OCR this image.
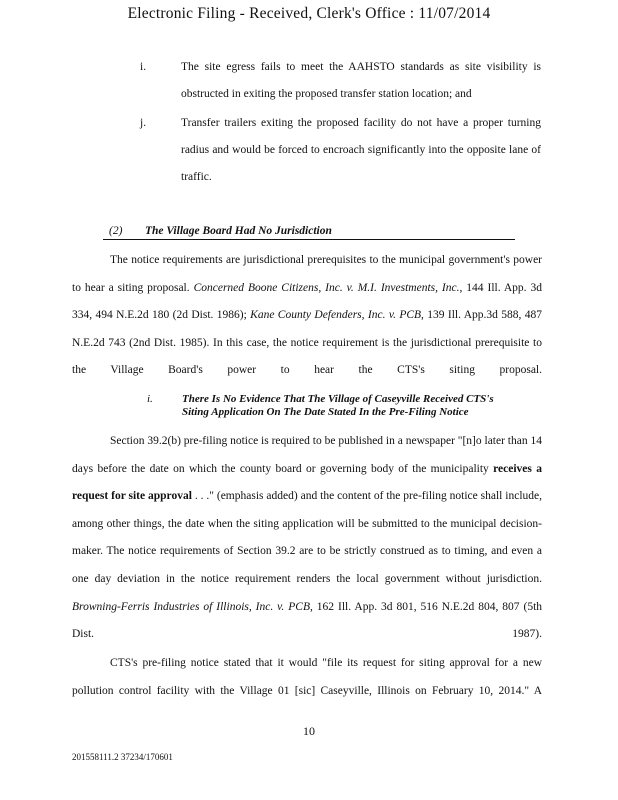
Electronic Filing - Received, Clerk's Office : 11/07/2014
i.	The site egress fails to meet the AAHSTO standards as site visibility is obstructed in exiting the proposed transfer station location; and
j.	Transfer trailers exiting the proposed facility do not have a proper turning radius and would be forced to encroach significantly into the opposite lane of traffic.
(2) The Village Board Had No Jurisdiction
The notice requirements are jurisdictional prerequisites to the municipal government's power to hear a siting proposal. Concerned Boone Citizens, Inc. v. M.I. Investments, Inc., 144 Ill. App. 3d 334, 494 N.E.2d 180 (2d Dist. 1986); Kane County Defenders, Inc. v. PCB, 139 Ill. App.3d 588, 487 N.E.2d 743 (2nd Dist. 1985). In this case, the notice requirement is the jurisdictional prerequisite to the Village Board's power to hear the CTS's siting proposal.
i.	There Is No Evidence That The Village of Caseyville Received CTS's Siting Application On The Date Stated In the Pre-Filing Notice
Section 39.2(b) pre-filing notice is required to be published in a newspaper "[n]o later than 14 days before the date on which the county board or governing body of the municipality receives a request for site approval . . ." (emphasis added) and the content of the pre-filing notice shall include, among other things, the date when the siting application will be submitted to the municipal decision-maker. The notice requirements of Section 39.2 are to be strictly construed as to timing, and even a one day deviation in the notice requirement renders the local government without jurisdiction. Browning-Ferris Industries of Illinois, Inc. v. PCB, 162 Ill. App. 3d 801, 516 N.E.2d 804, 807 (5th Dist. 1987).
CTS's pre-filing notice stated that it would "file its request for siting approval for a new pollution control facility with the Village 01 [sic] Caseyville, Illinois on February 10, 2014." A
10
201558111.2 37234/170601
